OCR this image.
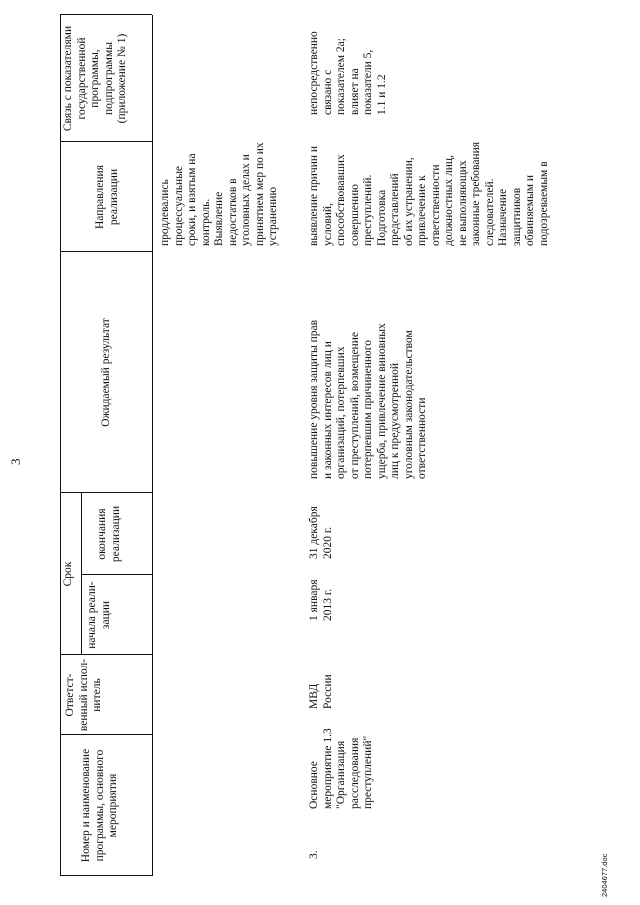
3
2404677.doc
Номер и наименование программы, основного мероприятия
Ответст-венный испол-нитель
Срок
начала реали-зации
окончания реализации
Ожидаемый результат
Направления реализации
Связь с показателями государственной программы, подпрограммы (приложение № 1)
продлевались
процессуальные
сроки, и взятым на
контроль.
Выявление
недостатков в
уголовных делах и
принятием мер по их
устранению
3.
Основное
мероприятие 1.3
"Организация
расследования
преступлений"
МВД
России
1 января
2013 г.
31 декабря
2020 г.
повышение уровня защиты прав
и законных интересов лиц и
организаций, потерпевших
от преступлений, возмещение
потерпевшим причиненного
ущерба, привлечение виновных
лиц к предусмотренной
уголовным законодательством
ответственности
выявление причин и
условий,
способствовавших
совершению
преступлений.
Подготовка
представлений
об их устранении,
привлечение к
ответственности
должностных лиц,
не выполняющих
законные требования
следователей.
Назначение
защитников
обвиняемым и
подозреваемым в
непосредственно
связано с
показателем 2а;
влияет на
показатели 5,
1.1 и 1.2
